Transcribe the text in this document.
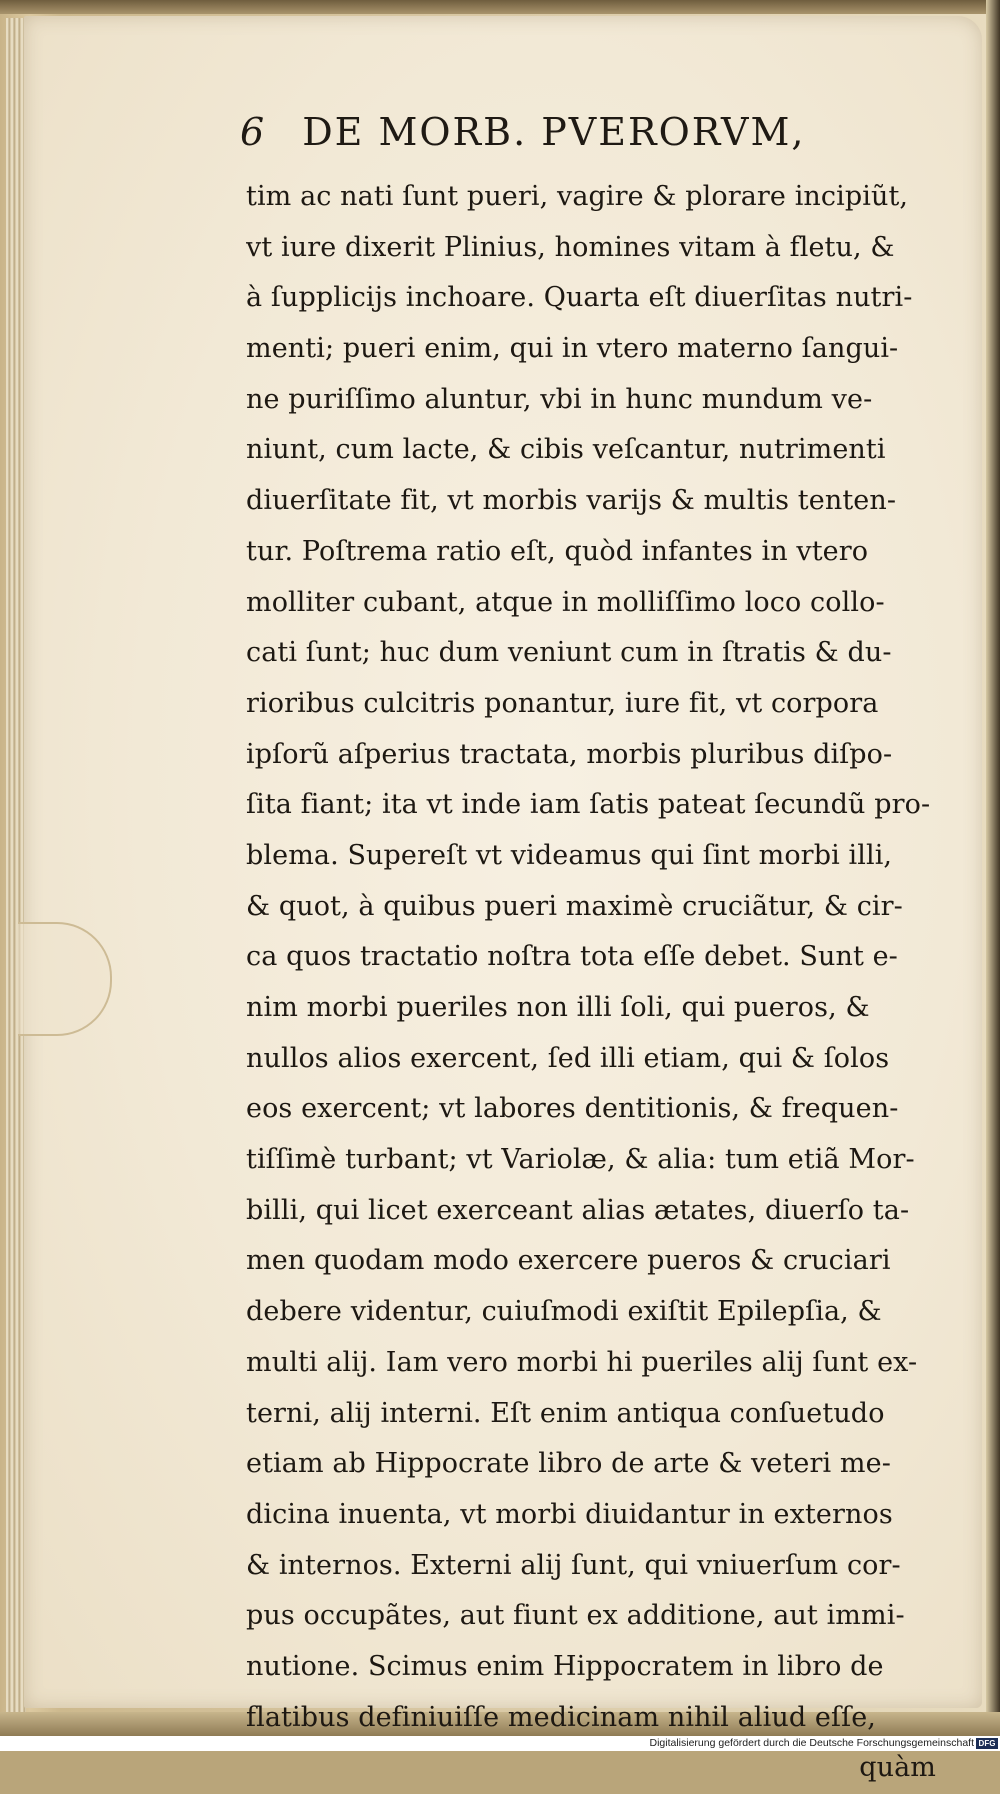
6 DE MORB. PVERORVM,
tim ac nati ſunt pueri, vagire & plorare incipiũt,
vt iure dixerit Plinius, homines vitam à fletu, &
à ſupplicijs inchoare. Quarta eſt diuerſitas nutri-
menti; pueri enim, qui in vtero materno ſangui-
ne puriſſimo aluntur, vbi in hunc mundum ve-
niunt, cum lacte, & cibis veſcantur, nutrimenti
diuerſitate fit, vt morbis varijs & multis tenten-
tur. Poſtrema ratio eſt, quòd infantes in vtero
molliter cubant, atque in molliſſimo loco collo-
cati ſunt; huc dum veniunt cum in ſtratis & du-
rioribus culcitris ponantur, iure fit, vt corpora
ipſorũ aſperius tractata, morbis pluribus diſpo-
ſita fiant; ita vt inde iam ſatis pateat ſecundũ pro-
blema. Supereſt vt videamus qui ſint morbi illi,
& quot, à quibus pueri maximè cruciãtur, & cir-
ca quos tractatio noſtra tota eſſe debet. Sunt e-
nim morbi pueriles non illi ſoli, qui pueros, &
nullos alios exercent, ſed illi etiam, qui & ſolos
eos exercent; vt labores dentitionis, & frequen-
tiſſimè turbant; vt Variolæ, & alia: tum etiã Mor-
billi, qui licet exerceant alias ætates, diuerſo ta-
men quodam modo exercere pueros & cruciari
debere videntur, cuiuſmodi exiſtit Epilepſia, &
multi alij. Iam vero morbi hi pueriles alij ſunt ex-
terni, alij interni. Eſt enim antiqua conſuetudo
etiam ab Hippocrate libro de arte & veteri me-
dicina inuenta, vt morbi diuidantur in externos
& internos. Externi alij ſunt, qui vniuerſum cor-
pus occupãtes, aut fiunt ex additione, aut immi-
nutione. Scimus enim Hippocratem in libro de
flatibus definiuiſſe medicinam nihil aliud eſſe,
quàm
Digitalisierung gefördert durch die Deutsche Forschungsgemeinschaft DFG
